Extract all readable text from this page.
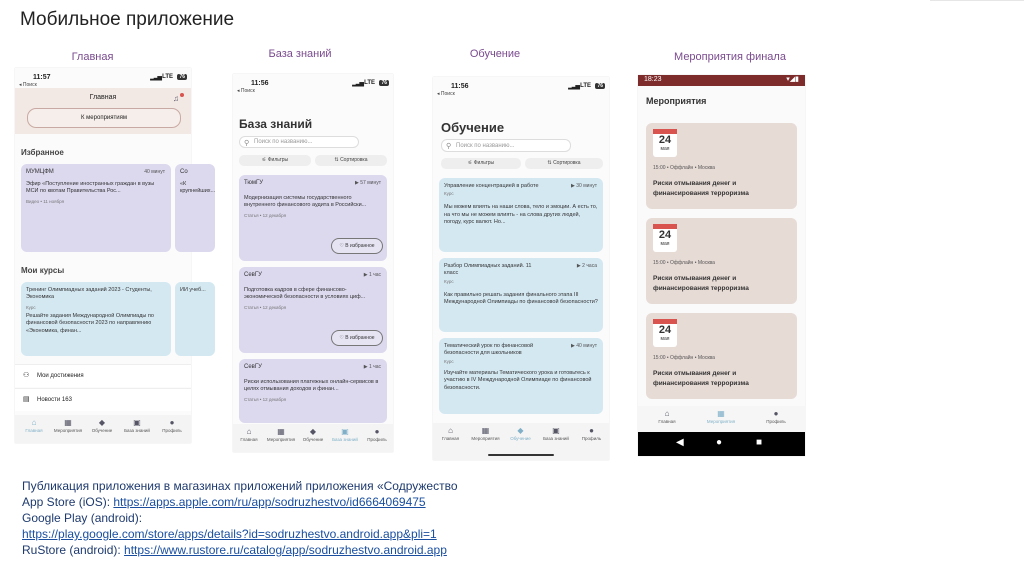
Мобильное приложение
Главная	База знаний	Обучение	Мероприятия финала
11:57	▂▃▅ LTE	76
◂ Поиск
Главная	♫
К мероприятиям
Избранное
МУМЦФМ	40 минут
Эфир «Поступление иностранных граждан в вузы МСИ по квотам Правительства Рос...
Видео • 11 ноября
Со
«К крупнейших...
Мои курсы
Тренинг Олимпиадных заданий 2023 - Студенты, Экономика
Курс
Решайте задания Международной Олимпиады по финансовой безопасности 2023 по направлению «Экономика, финан...
ИИ учеб...
⚇ Мои достижения
▤ Новости 163
⌂
Главная
▦
Мероприятия
◆
Обучение
▣
База знаний
●
Профиль
11:56	▂▃▅ LTE	76
◂ Поиск
База знаний
⚲ Поиск по названию...
⚟ Фильтры	⇅ Сортировка
ТюмГУ	▶ 57 минут
Модернизация системы государственного внутреннего финансового аудита в Российски...
Статья • 12 декабря
♡ В избранное
СевГУ	▶ 1 час
Подготовка кадров в сфере финансово-экономической безопасности в условиях циф...
Статья • 12 декабря
♡ В избранное
СевГУ	▶ 1 час
Риски использования платежных онлайн-сервисов в целях отмывания доходов и финан...
Статья • 12 декабря
⌂
Главная
▦
Мероприятия
◆
Обучение
▣
База знаний
●
Профиль
11:56	▂▃▅ LTE	76
◂ Поиск
Обучение
⚲ Поиск по названию...
⚟ Фильтры	⇅ Сортировка
Управление концентрацией в работе	▶ 30 минут
Курс
Мы можем влиять на наши слова, тело и эмоции. А есть то, на что мы не можем влиять - на слова других людей, погоду, курс валют. Но...
Разбор Олимпиадных заданий. 11 класс
▶ 2 часа
Курс
Как правильно решать задания финального этапа III Международной Олимпиады по финансовой безопасности?
Тематический урок по финансовой безопасности для школьников
▶ 40 минут
Курс
Изучайте материалы Тематического урока и готовьтесь к участию в IV Международной Олимпиаде по финансовой безопасности.
⌂
Главная
▦
Мероприятия
◆
Обучение
▣
База знаний
●
Профиль
18:23	▾◢▮
Мероприятия
24
мая
15:00 • Оффлайн • Москва
Риски отмывания денег и финансирования терроризма
24
мая
15:00 • Оффлайн • Москва
Риски отмывания денег и финансирования терроризма
24
мая
15:00 • Оффлайн • Москва
Риски отмывания денег и финансирования терроризма
⌂
Главная
▦
Мероприятия
●
Профиль
◀	●	■
Публикация приложения в магазинах приложений приложения «Содружество
App Store (iOS): https://apps.apple.com/ru/app/sodruzhestvo/id6664069475
Google Play (android):
https://play.google.com/store/apps/details?id=sodruzhestvo.android.app&pli=1
RuStore (android): https://www.rustore.ru/catalog/app/sodruzhestvo.android.app
